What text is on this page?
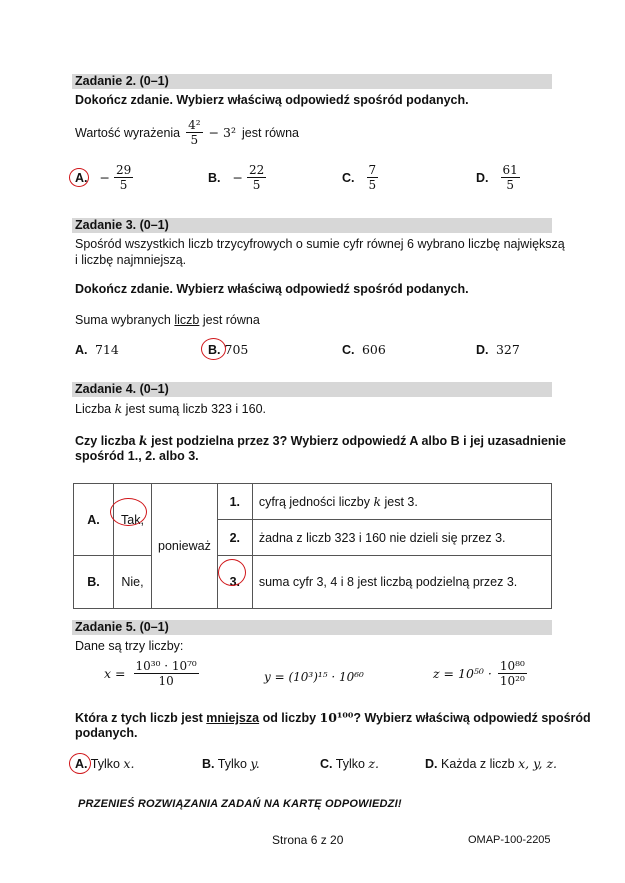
Zadanie 2. (0–1)
Dokończ zdanie. Wybierz właściwą odpowiedź spośród podanych.
Wartość wyrażenia $\frac{\text{4²}}{5} - 3^2$ jest równa
A. − $\frac{29}{5}$	B. − $\frac{22}{5}$	C. $\frac{7}{5}$	D. $\frac{61}{5}$
Zadanie 3. (0–1)
Spośród wszystkich liczb trzycyfrowych o sumie cyfr równej 6 wybrano liczbę największą
i liczbę najmniejszą.
Dokończ zdanie. Wybierz właściwą odpowiedź spośród podanych.
Suma wybranych liczb jest równa
A. 714	B. 705	C. 606	D. 327
Zadanie 4. (0–1)
Liczba k jest sumą liczb 323 i 160.
Czy liczba k jest podzielna przez 3? Wybierz odpowiedź A albo B i jej uzasadnienie
spośród 1., 2. albo 3.
A.	Tak,	ponieważ	1.	cyfrą jedności liczby k jest 3.
			2.	żadna z liczb 323 i 160 nie dzieli się przez 3.
B.	Nie,		3.	suma cyfr 3, 4 i 8 jest liczbą podzielną przez 3.
Zadanie 5. (0–1)
Dane są trzy liczby:
$x = \frac{\text{10³⁰ · 10⁷⁰}}{10}$	y = (10³)¹⁵ · 10⁶⁰	$z = 10^{50} \cdot \frac{\text{10⁸⁰}}{\text{10²⁰}}$
Która z tych liczb jest mniejsza od liczby 10¹⁰⁰? Wybierz właściwą odpowiedź spośród
podanych.
A. Tylko x.	B. Tylko y.	C. Tylko z.	D. Każda z liczb x, y, z.
PRZENIEŚ ROZWIĄZANIA ZADAŃ NA KARTĘ ODPOWIEDZI!
Strona 6 z 20	OMAP-100-2205
